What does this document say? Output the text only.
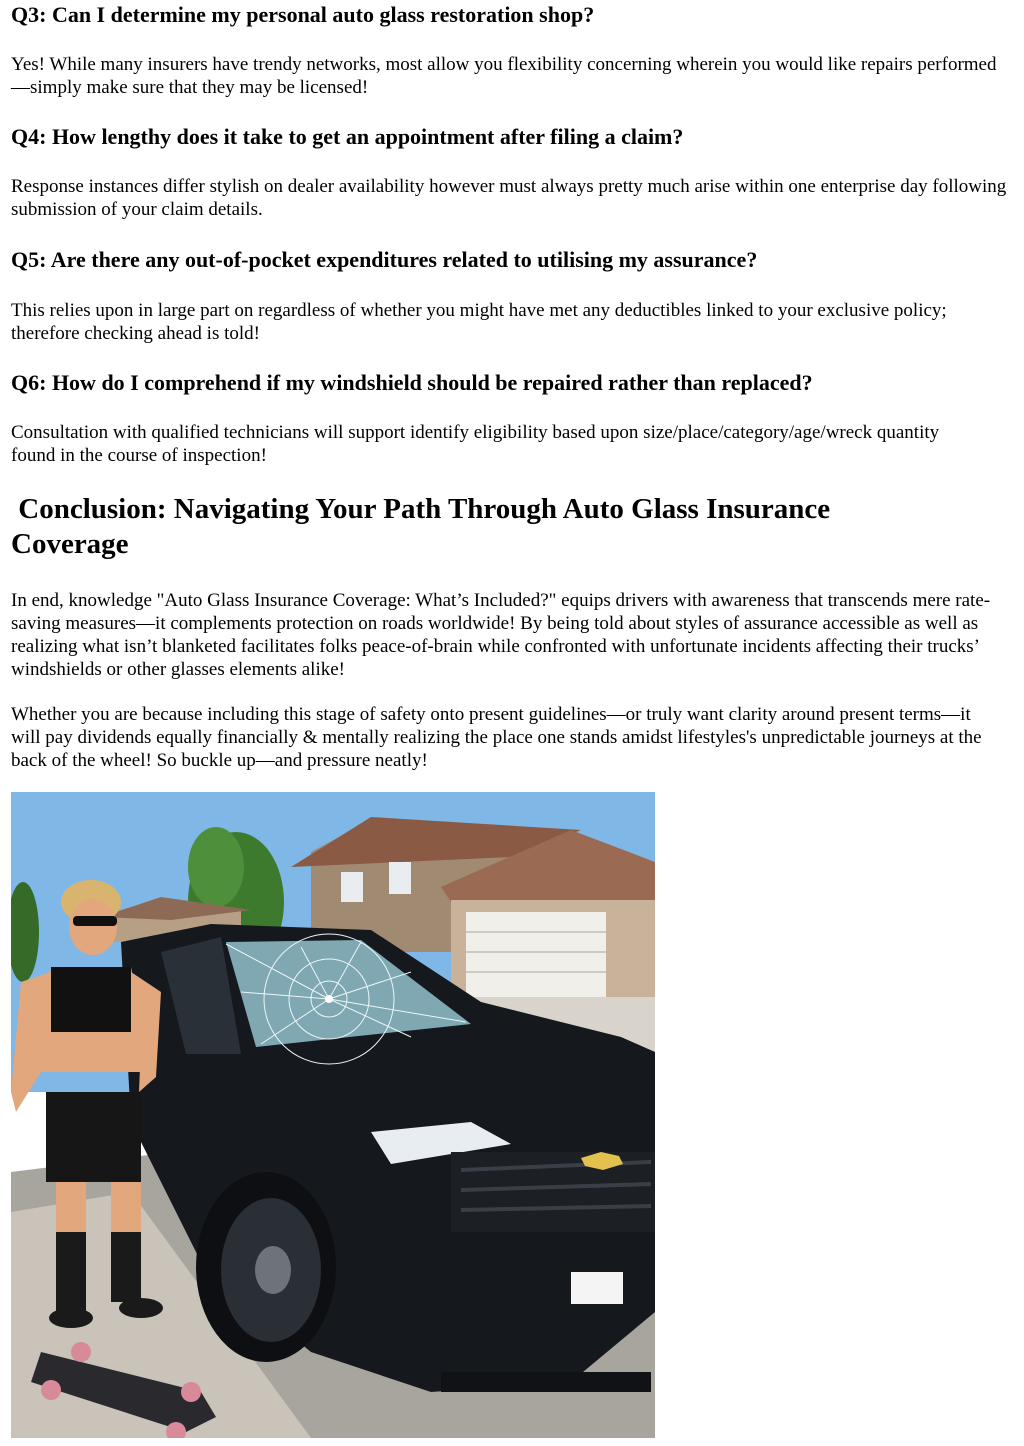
Q3: Can I determine my personal auto glass restoration shop?

Yes! While many insurers have trendy networks, most allow you flexibility concerning wherein you would like repairs performed—simply make sure that they may be licensed!

Q4: How lengthy does it take to get an appointment after filing a claim?

Response instances differ stylish on dealer availability however must always pretty much arise within one enterprise day following submission of your claim details.

Q5: Are there any out-of-pocket expenditures related to utilising my assurance?

This relies upon in large part on regardless of whether you might have met any deductibles linked to your exclusive policy; therefore checking ahead is told!

Q6: How do I comprehend if my windshield should be repaired rather than replaced?

Consultation with qualified technicians will support identify eligibility based upon size/place/category/age/wreck quantity found in the course of inspection!

Conclusion: Navigating Your Path Through Auto Glass Insurance Coverage

In end, knowledge "Auto Glass Insurance Coverage: What’s Included?" equips drivers with awareness that transcends mere rate-saving measures—it complements protection on roads worldwide! By being told about styles of assurance accessible as well as realizing what isn’t blanketed facilitates folks peace-of-brain while confronted with unfortunate incidents affecting their trucks’ windshields or other glasses elements alike!

Whether you are because including this stage of safety onto present guidelines—or truly want clarity around present terms—it will pay dividends equally financially & mentally realizing the place one stands amidst lifestyles's unpredictable journeys at the back of the wheel! So buckle up—and pressure neatly!
